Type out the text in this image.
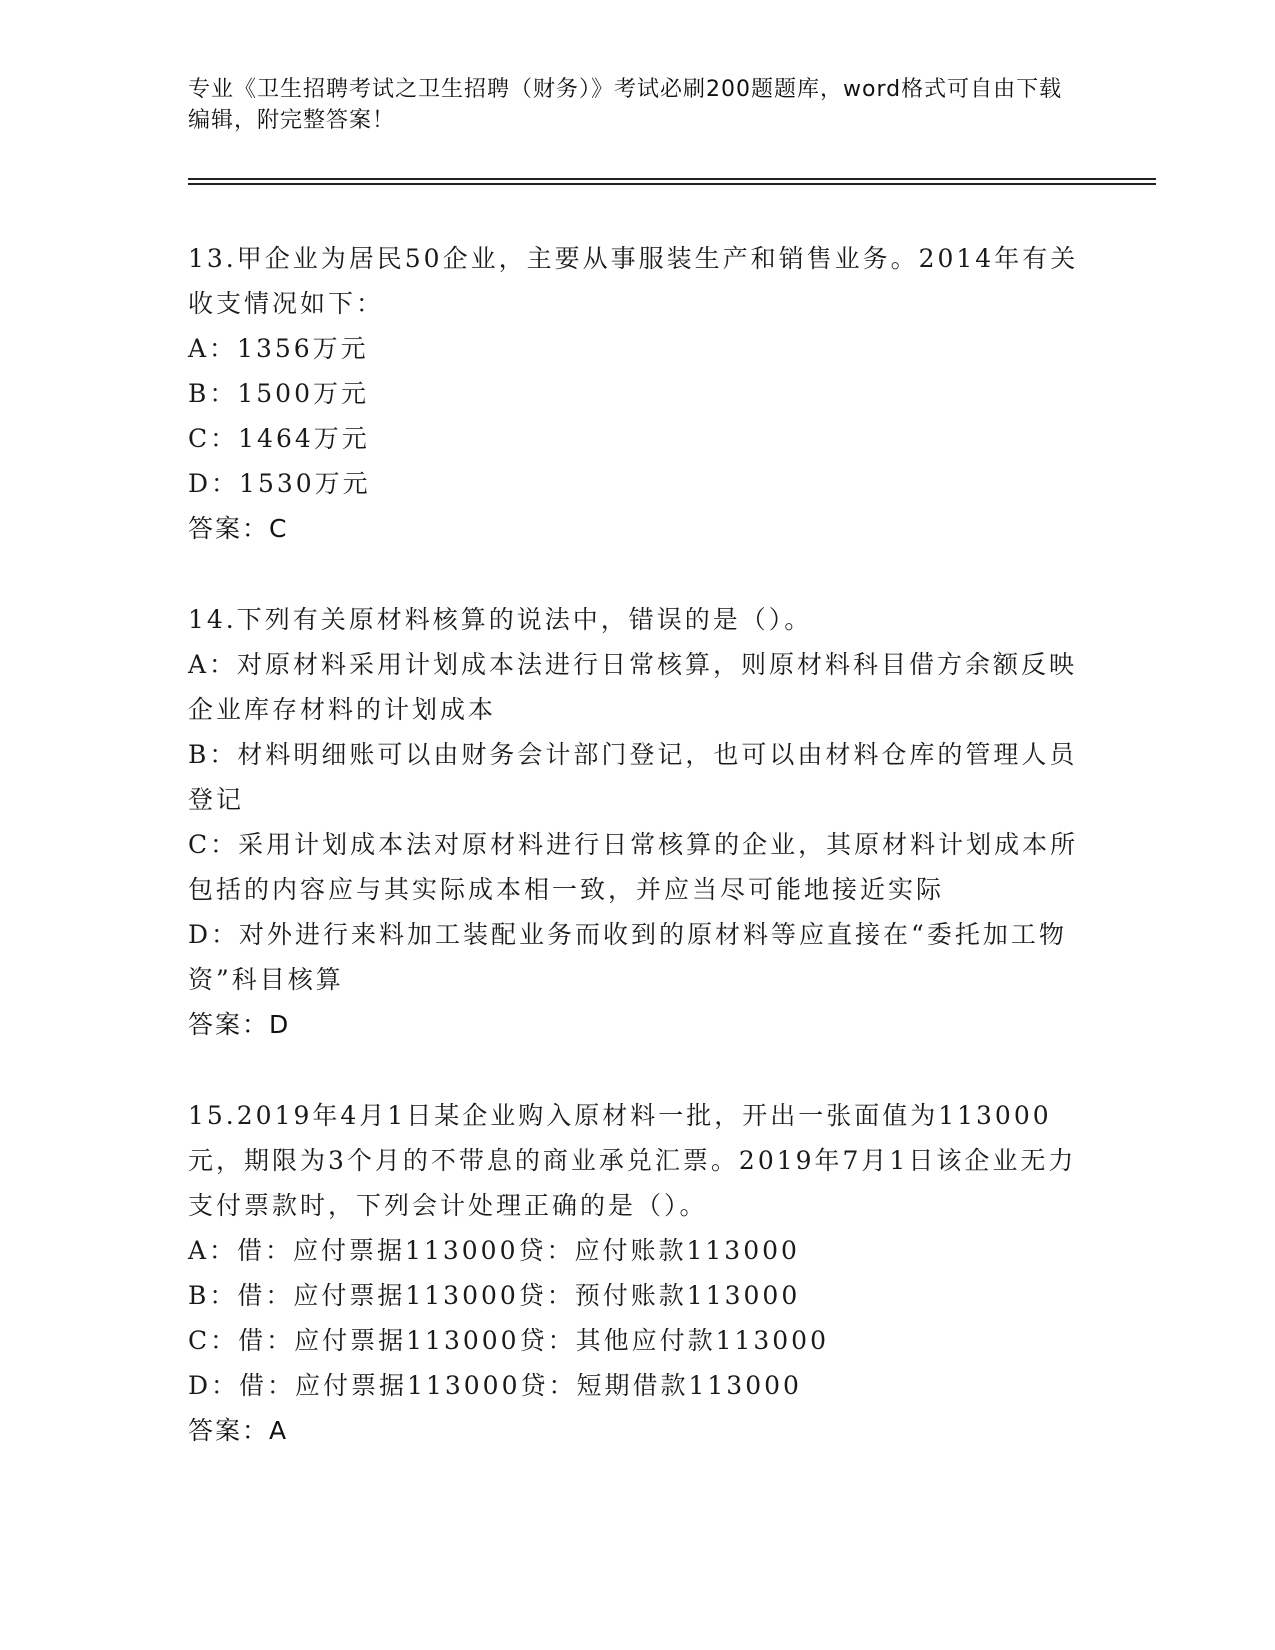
专业《卫生招聘考试之卫生招聘（财务）》考试必刷200题题库，word格式可自由下载编辑，附完整答案！

13.甲企业为居民50企业，主要从事服装生产和销售业务。2014年有关收支情况如下：

A：1356万元

B：1500万元

C：1464万元

D：1530万元

答案：C

14.下列有关原材料核算的说法中，错误的是（）。

A：对原材料采用计划成本法进行日常核算，则原材料科目借方余额反映企业库存材料的计划成本

B：材料明细账可以由财务会计部门登记，也可以由材料仓库的管理人员登记

C：采用计划成本法对原材料进行日常核算的企业，其原材料计划成本所包括的内容应与其实际成本相一致，并应当尽可能地接近实际

D：对外进行来料加工装配业务而收到的原材料等应直接在“委托加工物资”科目核算

答案：D

15.2019年4月1日某企业购入原材料一批，开出一张面值为113000元，期限为3个月的不带息的商业承兑汇票。2019年7月1日该企业无力支付票款时，下列会计处理正确的是（）。

A：借：应付票据113000贷：应付账款113000

B：借：应付票据113000贷：预付账款113000

C：借：应付票据113000贷：其他应付款113000

D：借：应付票据113000贷：短期借款113000

答案：A
